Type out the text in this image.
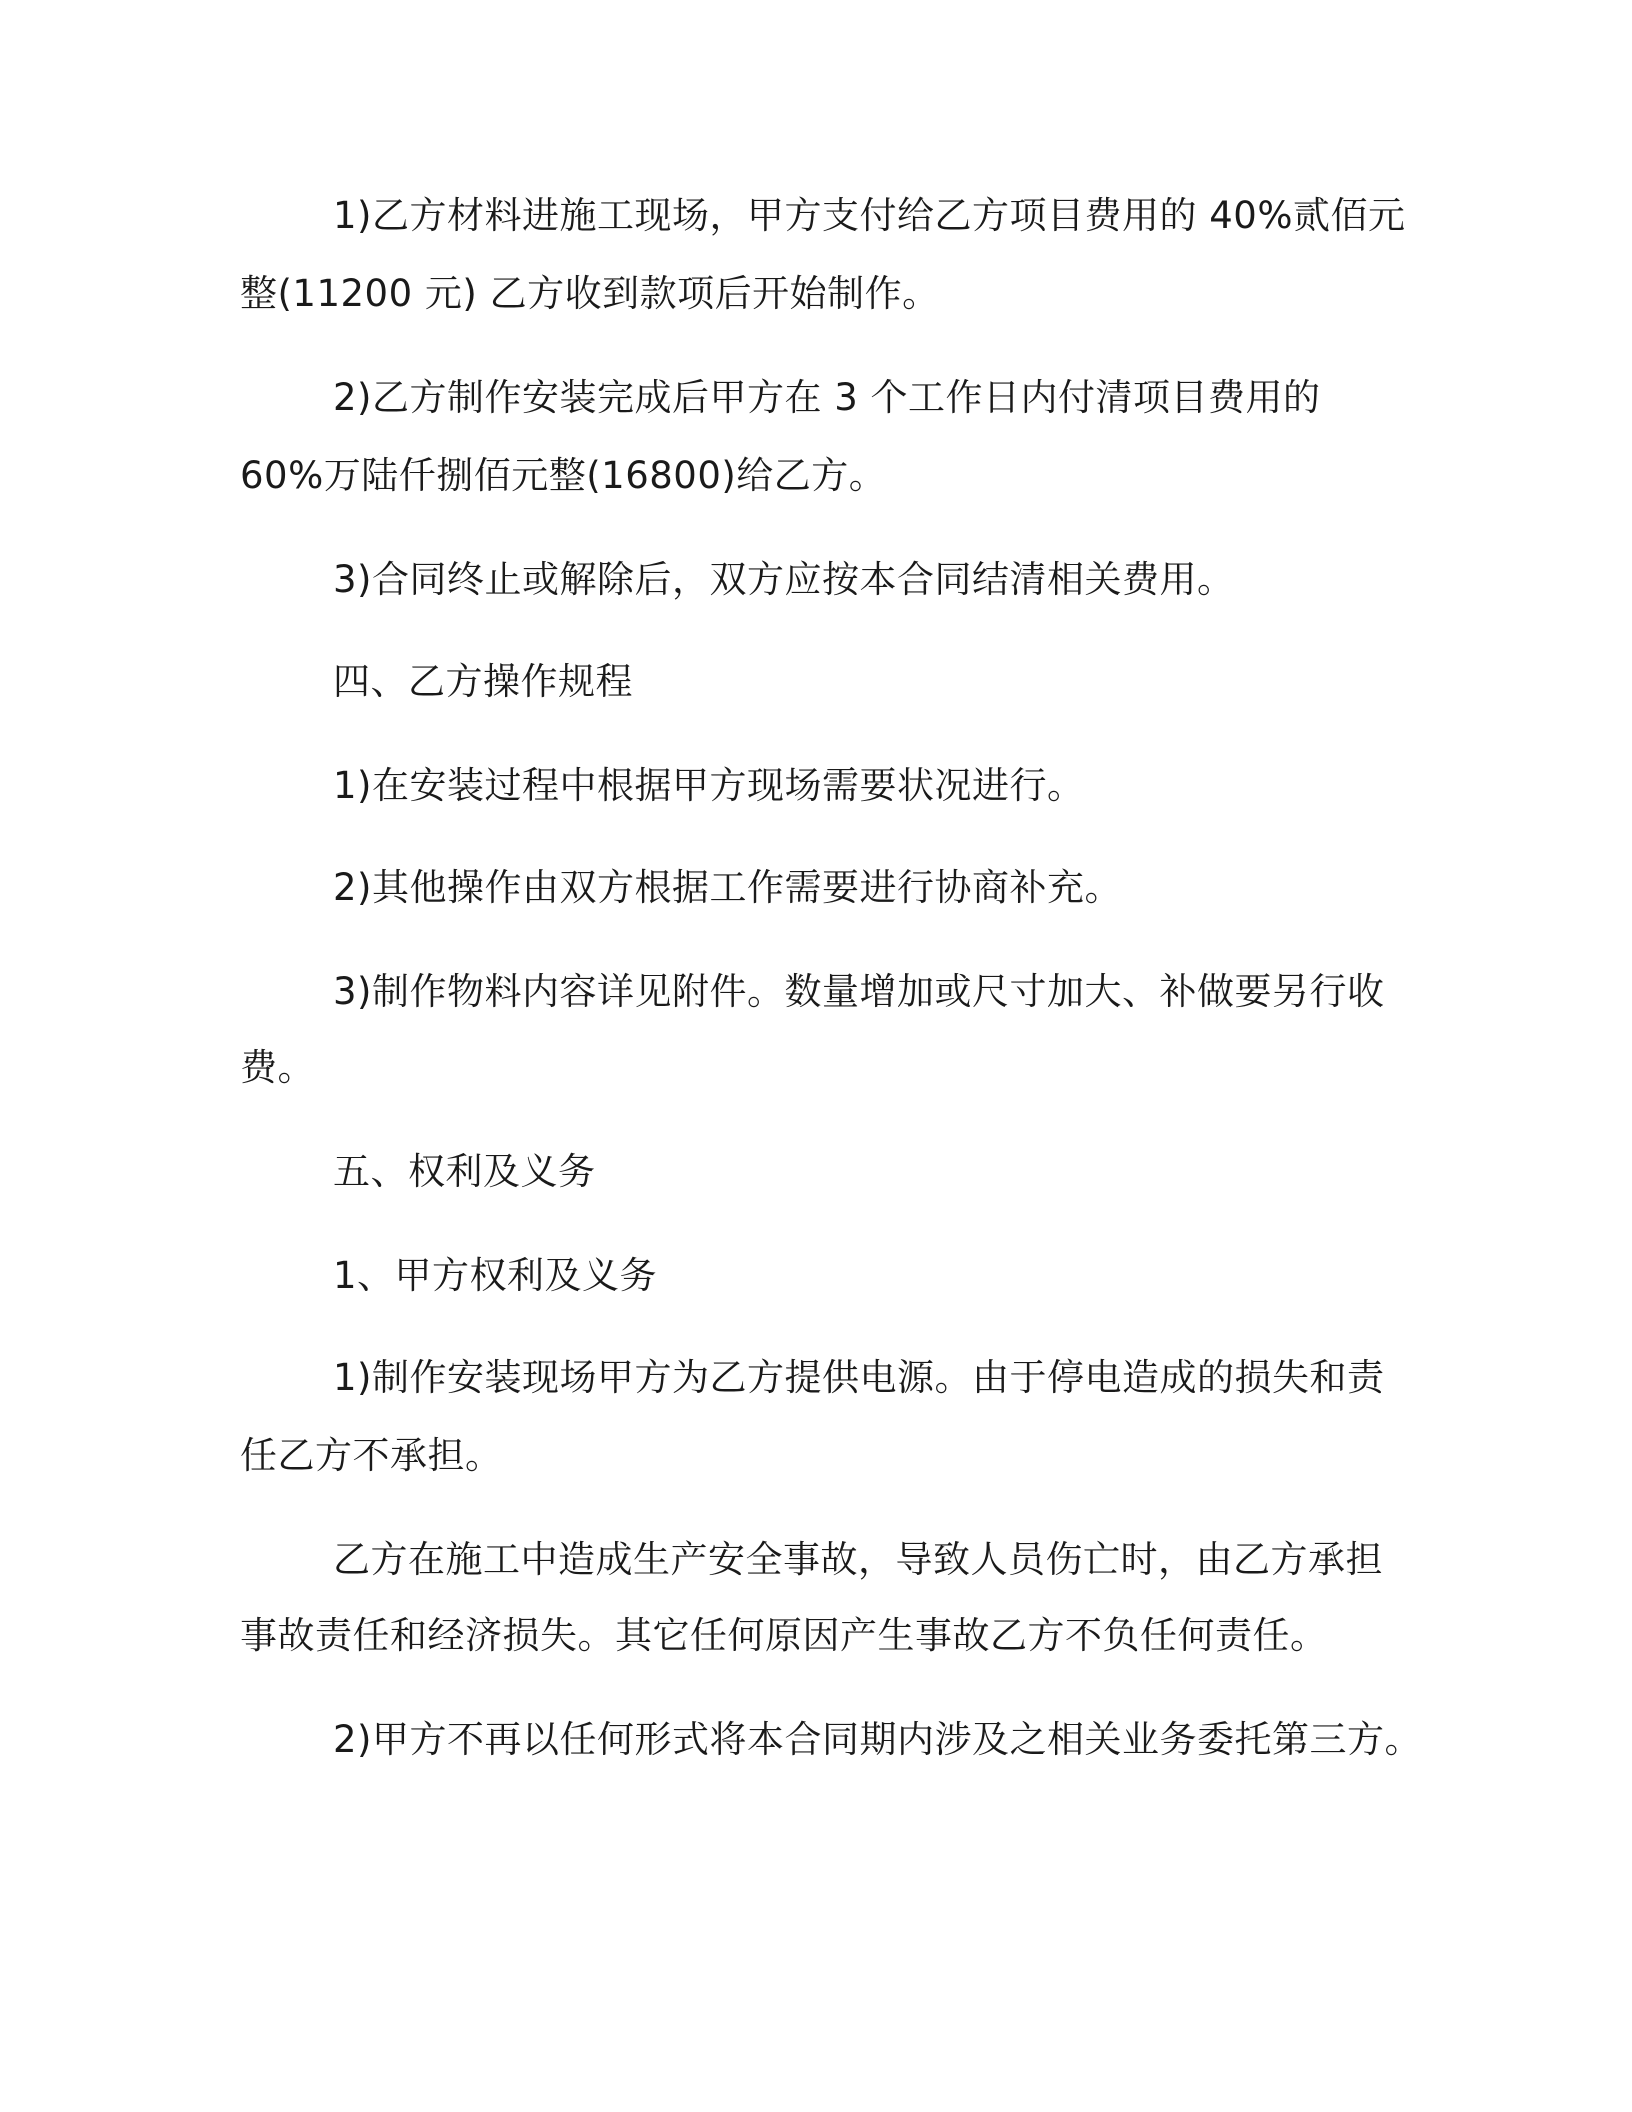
1)乙方材料进施工现场，甲方支付给乙方项目费用的 40%贰佰元
整(11200 元) 乙方收到款项后开始制作。
2)乙方制作安装完成后甲方在 3 个工作日内付清项目费用的
60%万陆仟捌佰元整(16800)给乙方。
3)合同终止或解除后，双方应按本合同结清相关费用。
四、乙方操作规程
1)在安装过程中根据甲方现场需要状况进行。
2)其他操作由双方根据工作需要进行协商补充。
3)制作物料内容详见附件。数量增加或尺寸加大、补做要另行收
费。
五、权利及义务
1、甲方权利及义务
1)制作安装现场甲方为乙方提供电源。由于停电造成的损失和责
任乙方不承担。
乙方在施工中造成生产安全事故，导致人员伤亡时，由乙方承担
事故责任和经济损失。其它任何原因产生事故乙方不负任何责任。
2)甲方不再以任何形式将本合同期内涉及之相关业务委托第三方。
